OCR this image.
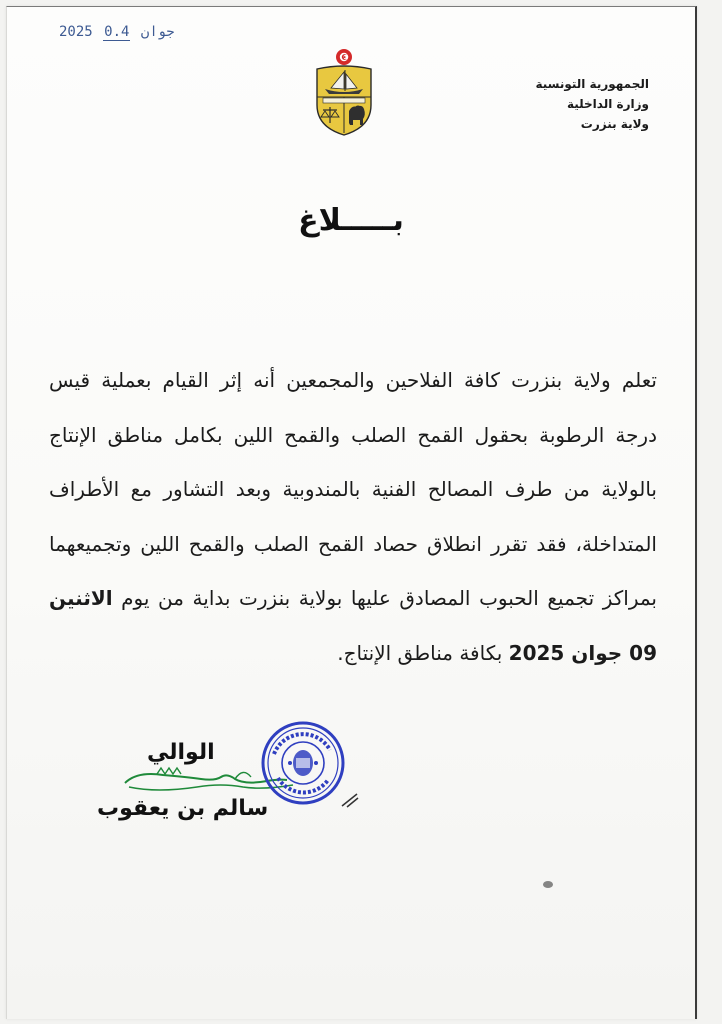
2025 0.4 جوان
الجمهورية التونسية
وزارة الداخلية
ولاية بنزرت
بـــــلاغ
تعلم ولاية بنزرت كافة الفلاحين والمجمعين أنه إثر القيام بعملية قيس درجة الرطوبة بحقول القمح الصلب والقمح اللين بكامل مناطق الإنتاج بالولاية من طرف المصالح الفنية بالمندوبية وبعد التشاور مع الأطراف المتداخلة، فقد تقرر انطلاق حصاد القمح الصلب والقمح اللين وتجميعهما بمراكز تجميع الحبوب المصادق عليها بولاية بنزرت بداية من يوم الاثنين 09 جوان 2025 بكافة مناطق الإنتاج.
الوالي
سالم بن يعقوب
